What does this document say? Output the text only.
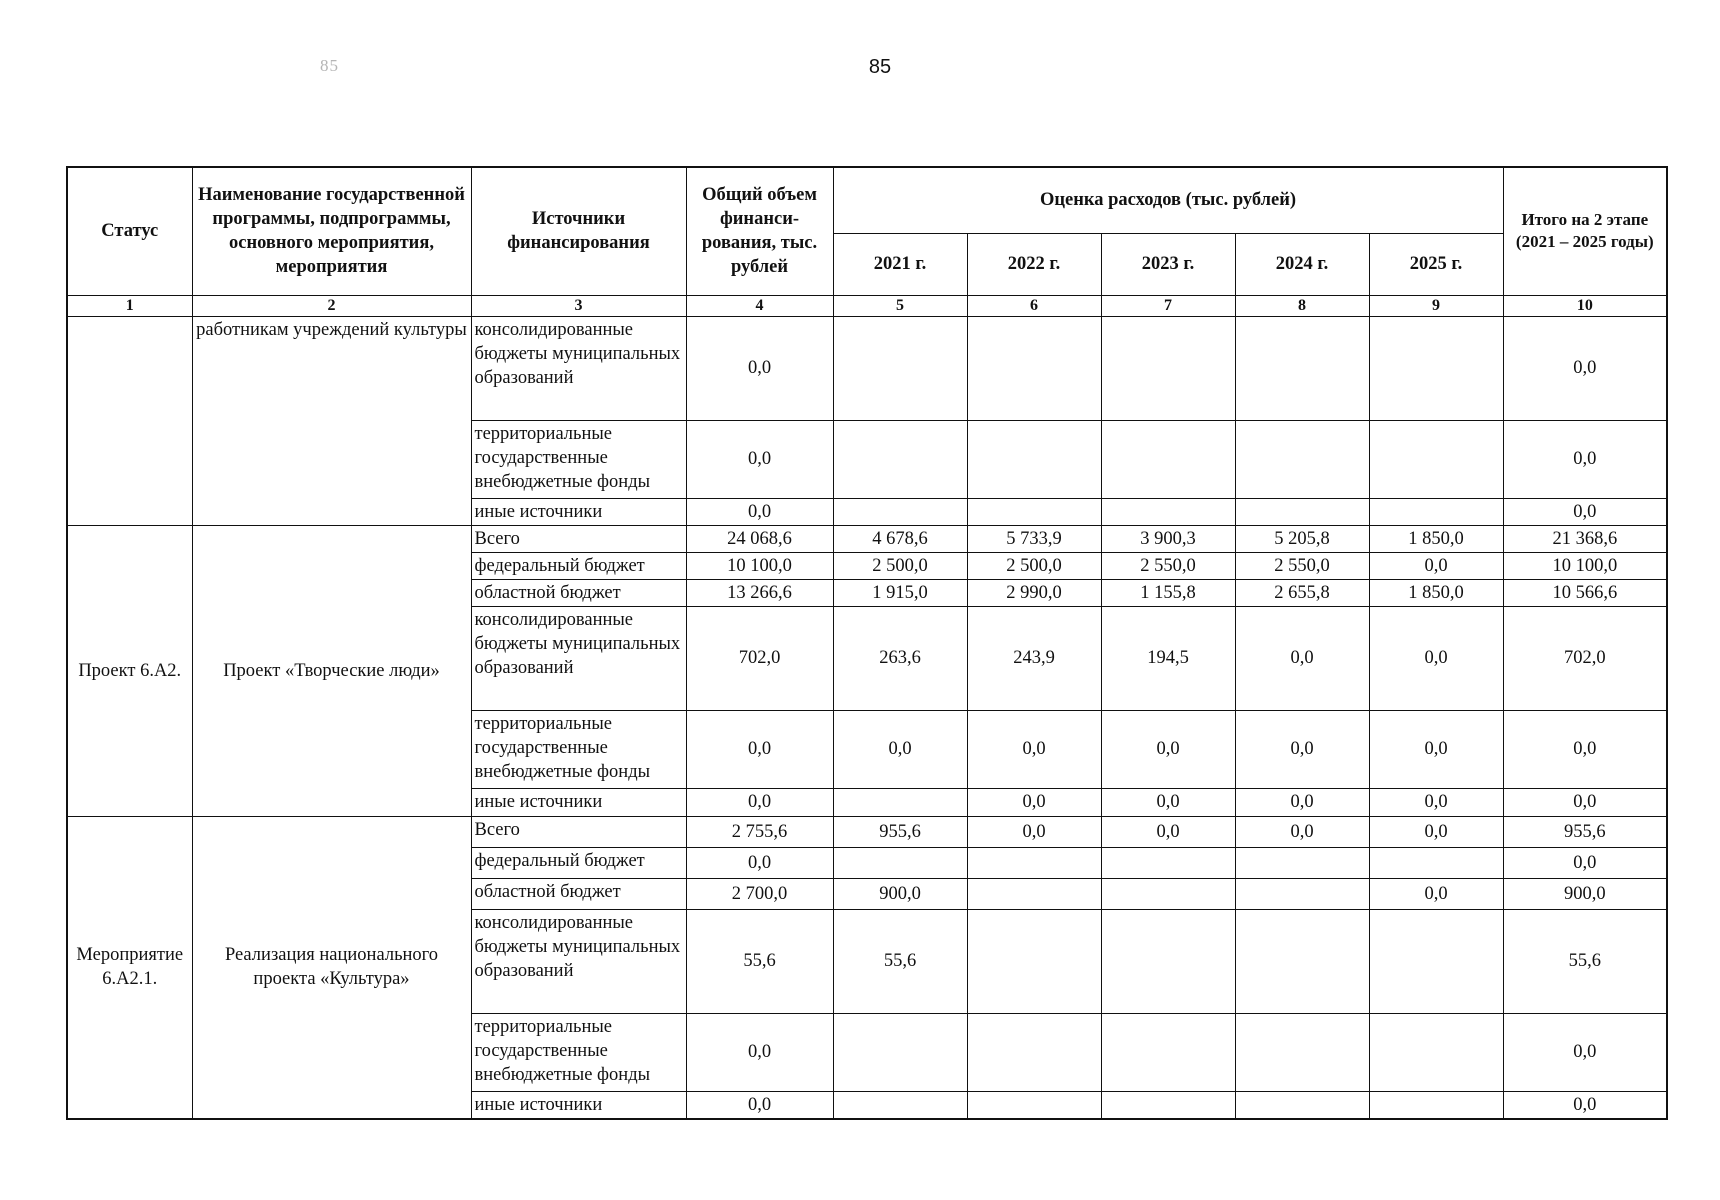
85	85
Статус	Наименование государственной программы, подпрограммы, основного мероприятия, мероприятия	Источники финансирования	Общий объем финанси-рования, тыс. рублей	Оценка расходов (тыс. рублей)					Итого на 2 этапе (2021 – 2025 годы)
				2021 г.	2022 г.	2023 г.	2024 г.	2025 г.	
1	2	3	4	5	6	7	8	9	10
	работникам учреждений культуры	консолидированные бюджеты муниципальных образований	0,0						0,0
		территориальные государственные внебюджетные фонды	0,0						0,0
		иные источники	0,0						0,0
Проект 6.А2.	Проект «Творческие люди»	Всего	24 068,6	4 678,6	5 733,9	3 900,3	5 205,8	1 850,0	21 368,6
		федеральный бюджет	10 100,0	2 500,0	2 500,0	2 550,0	2 550,0	0,0	10 100,0
		областной бюджет	13 266,6	1 915,0	2 990,0	1 155,8	2 655,8	1 850,0	10 566,6
		консолидированные бюджеты муниципальных образований	702,0	263,6	243,9	194,5	0,0	0,0	702,0
		территориальные государственные внебюджетные фонды	0,0	0,0	0,0	0,0	0,0	0,0	0,0
		иные источники	0,0		0,0	0,0	0,0	0,0	0,0
Мероприятие 6.А2.1.	Реализация национального проекта «Культура»	Всего	2 755,6	955,6	0,0	0,0	0,0	0,0	955,6
		федеральный бюджет	0,0						0,0
		областной бюджет	2 700,0	900,0				0,0	900,0
		консолидированные бюджеты муниципальных образований	55,6	55,6					55,6
		территориальные государственные внебюджетные фонды	0,0						0,0
		иные источники	0,0						0,0
